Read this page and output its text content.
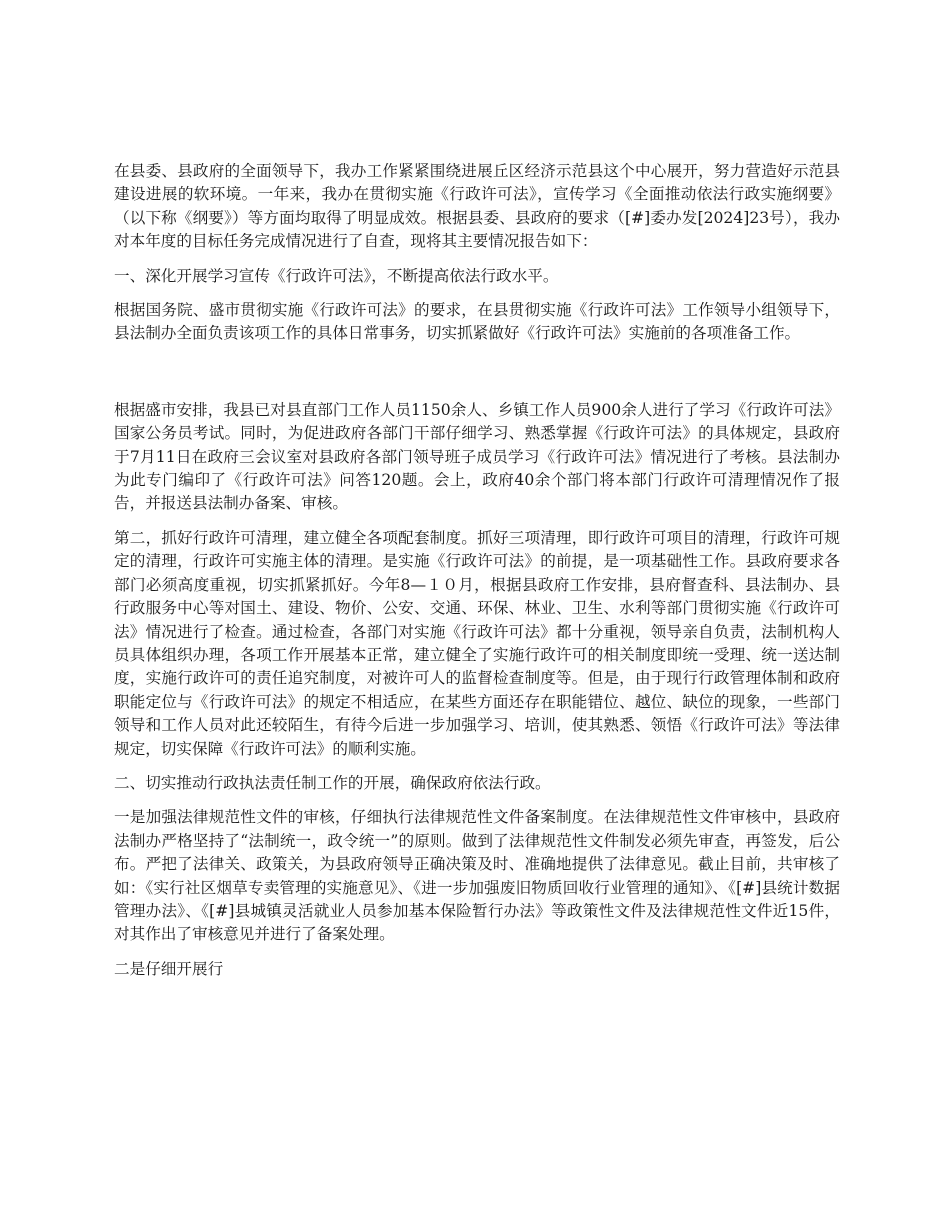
在县委、县政府的全面领导下，我办工作紧紧围绕进展丘区经济示范县这个中心展开，努力营造好示范县建设进展的软环境。一年来，我办在贯彻实施《行政许可法》，宣传学习《全面推动依法行政实施纲要》（以下称《纲要》）等方面均取得了明显成效。根据县委、县政府的要求（[#]委办发[2024]23号），我办对本年度的目标任务完成情况进行了自查，现将其主要情况报告如下：

一、深化开展学习宣传《行政许可法》，不断提高依法行政水平。

根据国务院、盛市贯彻实施《行政许可法》的要求，在县贯彻实施《行政许可法》工作领导小组领导下，县法制办全面负责该项工作的具体日常事务，切实抓紧做好《行政许可法》实施前的各项准备工作。

根据盛市安排，我县已对县直部门工作人员1150余人、乡镇工作人员900余人进行了学习《行政许可法》国家公务员考试。同时，为促进政府各部门干部仔细学习、熟悉掌握《行政许可法》的具体规定，县政府于7月11日在政府三会议室对县政府各部门领导班子成员学习《行政许可法》情况进行了考核。县法制办为此专门编印了《行政许可法》问答120题。会上，政府40余个部门将本部门行政许可清理情况作了报告，并报送县法制办备案、审核。

第二，抓好行政许可清理，建立健全各项配套制度。抓好三项清理，即行政许可项目的清理，行政许可规定的清理，行政许可实施主体的清理。是实施《行政许可法》的前提，是一项基础性工作。县政府要求各部门必须高度重视，切实抓紧抓好。今年8—１０月，根据县政府工作安排，县府督查科、县法制办、县行政服务中心等对国土、建设、物价、公安、交通、环保、林业、卫生、水利等部门贯彻实施《行政许可法》情况进行了检查。通过检查，各部门对实施《行政许可法》都十分重视，领导亲自负责，法制机构人员具体组织办理，各项工作开展基本正常，建立健全了实施行政许可的相关制度即统一受理、统一送达制度，实施行政许可的责任追究制度，对被许可人的监督检查制度等。但是，由于现行行政管理体制和政府职能定位与《行政许可法》的规定不相适应，在某些方面还存在职能错位、越位、缺位的现象，一些部门领导和工作人员对此还较陌生，有待今后进一步加强学习、培训，使其熟悉、领悟《行政许可法》等法律规定，切实保障《行政许可法》的顺利实施。

二、切实推动行政执法责任制工作的开展，确保政府依法行政。

一是加强法律规范性文件的审核，仔细执行法律规范性文件备案制度。在法律规范性文件审核中，县政府法制办严格坚持了“法制统一，政令统一”的原则。做到了法律规范性文件制发必须先审查，再签发，后公布。严把了法律关、政策关，为县政府领导正确决策及时、准确地提供了法律意见。截止目前，共审核了如：《实行社区烟草专卖管理的实施意见》、《进一步加强废旧物质回收行业管理的通知》、《[#]县统计数据管理办法》、《[#]县城镇灵活就业人员参加基本保险暂行办法》等政策性文件及法律规范性文件近15件，对其作出了审核意见并进行了备案处理。

二是仔细开展行
